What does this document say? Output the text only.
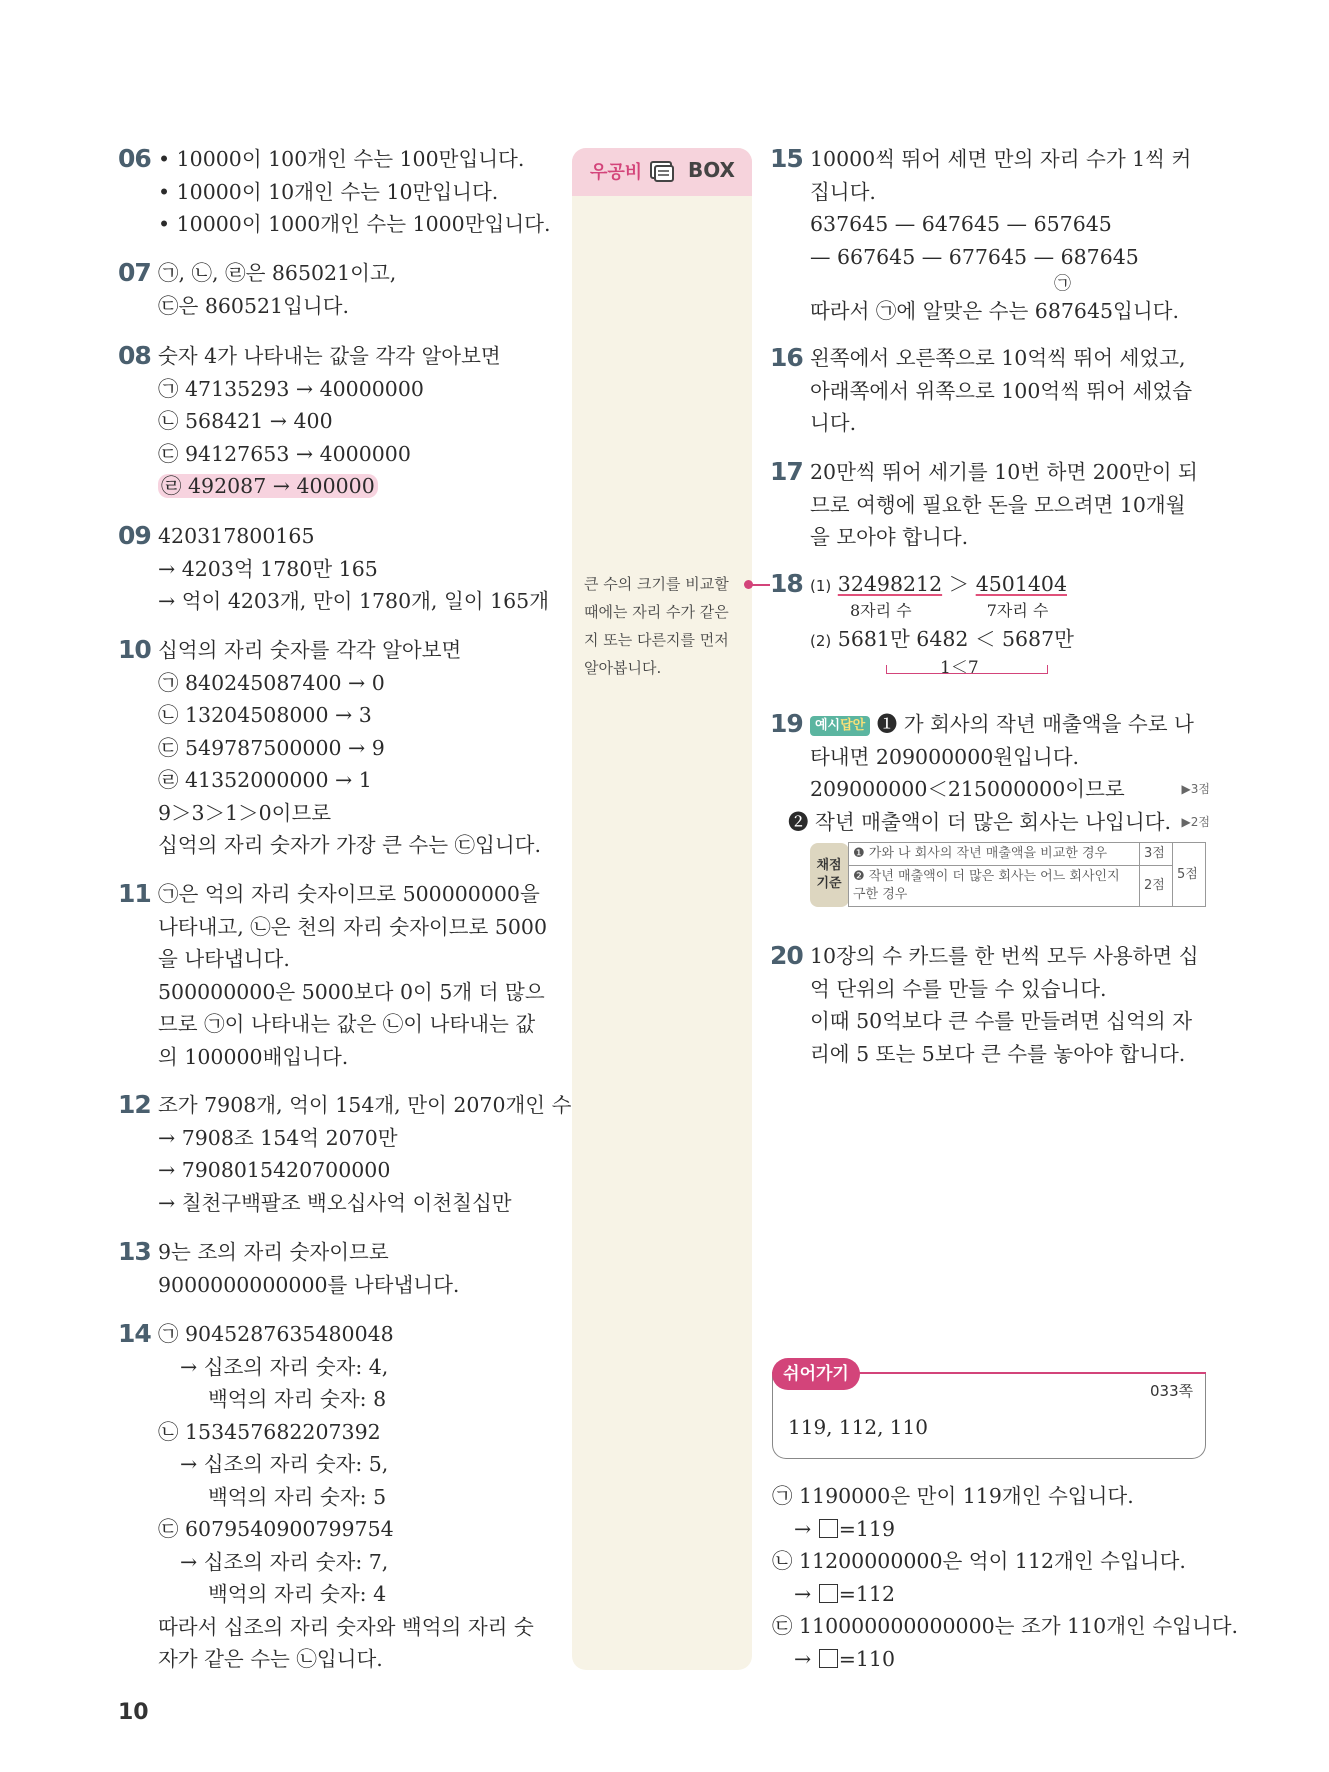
06 • 10000이 100개인 수는 100만입니다.
• 10000이 10개인 수는 10만입니다.
• 10000이 1000개인 수는 1000만입니다.
07 ㉠, ㉡, ㉣은 865021이고,
㉢은 860521입니다.
08 숫자 4가 나타내는 값을 각각 알아보면
㉠ 47135293 → 40000000
㉡ 568421 → 400
㉢ 94127653 → 4000000
㉣ 492087 → 400000
09 420317800165
→ 4203억 1780만 165
→ 억이 4203개, 만이 1780개, 일이 165개
10 십억의 자리 숫자를 각각 알아보면
㉠ 840245087400 → 0
㉡ 13204508000 → 3
㉢ 549787500000 → 9
㉣ 41352000000 → 1
9＞3＞1＞0이므로
십억의 자리 숫자가 가장 큰 수는 ㉢입니다.
11 ㉠은 억의 자리 숫자이므로 500000000을
나타내고, ㉡은 천의 자리 숫자이므로 5000
을 나타냅니다.
500000000은 5000보다 0이 5개 더 많으
므로 ㉠이 나타내는 값은 ㉡이 나타내는 값
의 100000배입니다.
12 조가 7908개, 억이 154개, 만이 2070개인 수
→ 7908조 154억 2070만
→ 7908015420700000
→ 칠천구백팔조 백오십사억 이천칠십만
13 9는 조의 자리 숫자이므로
9000000000000를 나타냅니다.
14 ㉠ 9045287635480048
→ 십조의 자리 숫자: 4,
백억의 자리 숫자: 8
㉡ 153457682207392
→ 십조의 자리 숫자: 5,
백억의 자리 숫자: 5
㉢ 6079540900799754
→ 십조의 자리 숫자: 7,
백억의 자리 숫자: 4
따라서 십조의 자리 숫자와 백억의 자리 숫
자가 같은 수는 ㉡입니다.
우공비 BOX
큰 수의 크기를 비교할
때에는 자리 수가 같은
지 또는 다른지를 먼저
알아봅니다.
15 10000씩 뛰어 세면 만의 자리 수가 1씩 커
집니다.
637645 — 647645 — 657645
— 667645 — 677645 — 687645
㉠
따라서 ㉠에 알맞은 수는 687645입니다.
16 왼쪽에서 오른쪽으로 10억씩 뛰어 세었고,
아래쪽에서 위쪽으로 100억씩 뛰어 세었습
니다.
17 20만씩 뛰어 세기를 10번 하면 200만이 되
므로 여행에 필요한 돈을 모으려면 10개월
을 모아야 합니다.
18 (1) 32498212 ＞ 4501404
8자리 수	7자리 수
(2) 5681만 6482 ＜ 5687만
1＜7
19 예시답안 ❶ 가 회사의 작년 매출액을 수로 나
타내면 209000000원입니다.
209000000＜215000000이므로	▶3점
❷ 작년 매출액이 더 많은 회사는 나입니다. ▶2점
채점 기준	❶ 가와 나 회사의 작년 매출액을 비교한 경우	3점	5점
	❷ 작년 매출액이 더 많은 회사는 어느 회사인지 구한 경우	2점	
20 10장의 수 카드를 한 번씩 모두 사용하면 십
억 단위의 수를 만들 수 있습니다.
이때 50억보다 큰 수를 만들려면 십억의 자
리에 5 또는 5보다 큰 수를 놓아야 합니다.
㉠ 1190000은 만이 119개인 수입니다.
→ =119
㉡ 11200000000은 억이 112개인 수입니다.
→ =112
㉢ 110000000000000는 조가 110개인 수입니다.
→ =110
쉬어가기
033쪽
119, 112, 110
10
